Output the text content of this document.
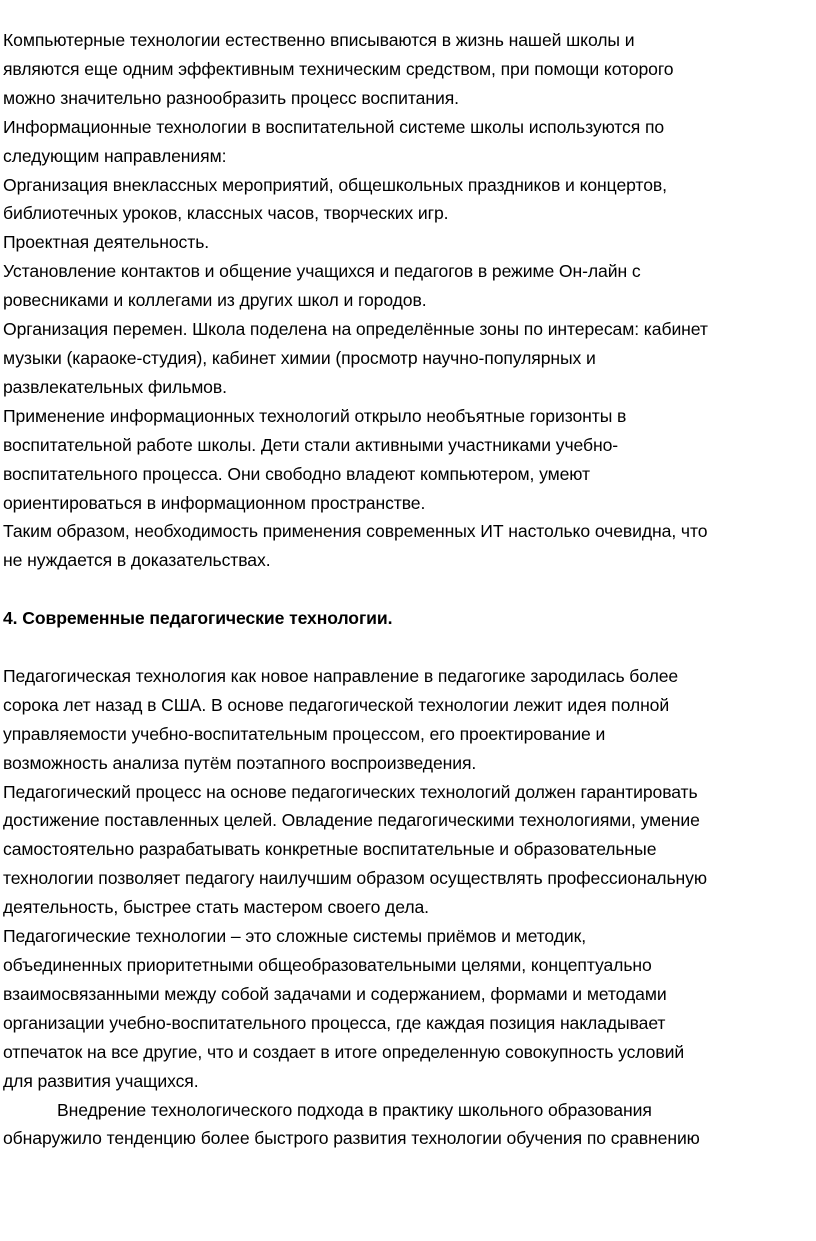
Компьютерные технологии естественно вписываются в жизнь нашей школы и
являются еще одним эффективным техническим средством, при помощи которого
можно значительно разнообразить процесс воспитания.

Информационные технологии в воспитательной системе школы используются по
следующим направлениям:

Организация внеклассных мероприятий, общешкольных праздников и концертов,
библиотечных уроков, классных часов, творческих игр.

Проектная деятельность.

Установление контактов и общение учащихся и педагогов в режиме Он-лайн с
ровесниками и коллегами из других школ и городов.

Организация перемен. Школа поделена на определённые зоны по интересам: кабинет
музыки (караоке-студия), кабинет химии (просмотр научно-популярных и
развлекательных фильмов.

Применение информационных технологий открыло необъятные горизонты в
воспитательной работе школы. Дети стали активными участниками учебно-
воспитательного процесса. Они свободно владеют компьютером, умеют
ориентироваться в информационном пространстве.

Таким образом, необходимость применения современных ИТ настолько очевидна, что
не нуждается в доказательствах.

4. Современные педагогические технологии.

Педагогическая технология как новое направление в педагогике зародилась более
сорока лет назад в США. В основе педагогической технологии лежит идея полной
управляемости учебно-воспитательным процессом, его проектирование и
возможность анализа путём поэтапного воспроизведения.

Педагогический процесс на основе педагогических технологий должен гарантировать
достижение поставленных целей. Овладение педагогическими технологиями, умение
самостоятельно разрабатывать конкретные воспитательные и образовательные
технологии позволяет педагогу наилучшим образом осуществлять профессиональную
деятельность, быстрее стать мастером своего дела.

Педагогические технологии – это сложные системы приёмов и методик,
объединенных приоритетными общеобразовательными целями, концептуально
взаимосвязанными между собой задачами и содержанием, формами и методами
организации учебно-воспитательного процесса, где каждая позиция накладывает
отпечаток на все другие, что и создает в итоге определенную совокупность условий
для развития учащихся.

Внедрение технологического подхода в практику школьного образования
обнаружило тенденцию более быстрого развития технологии обучения по сравнению
